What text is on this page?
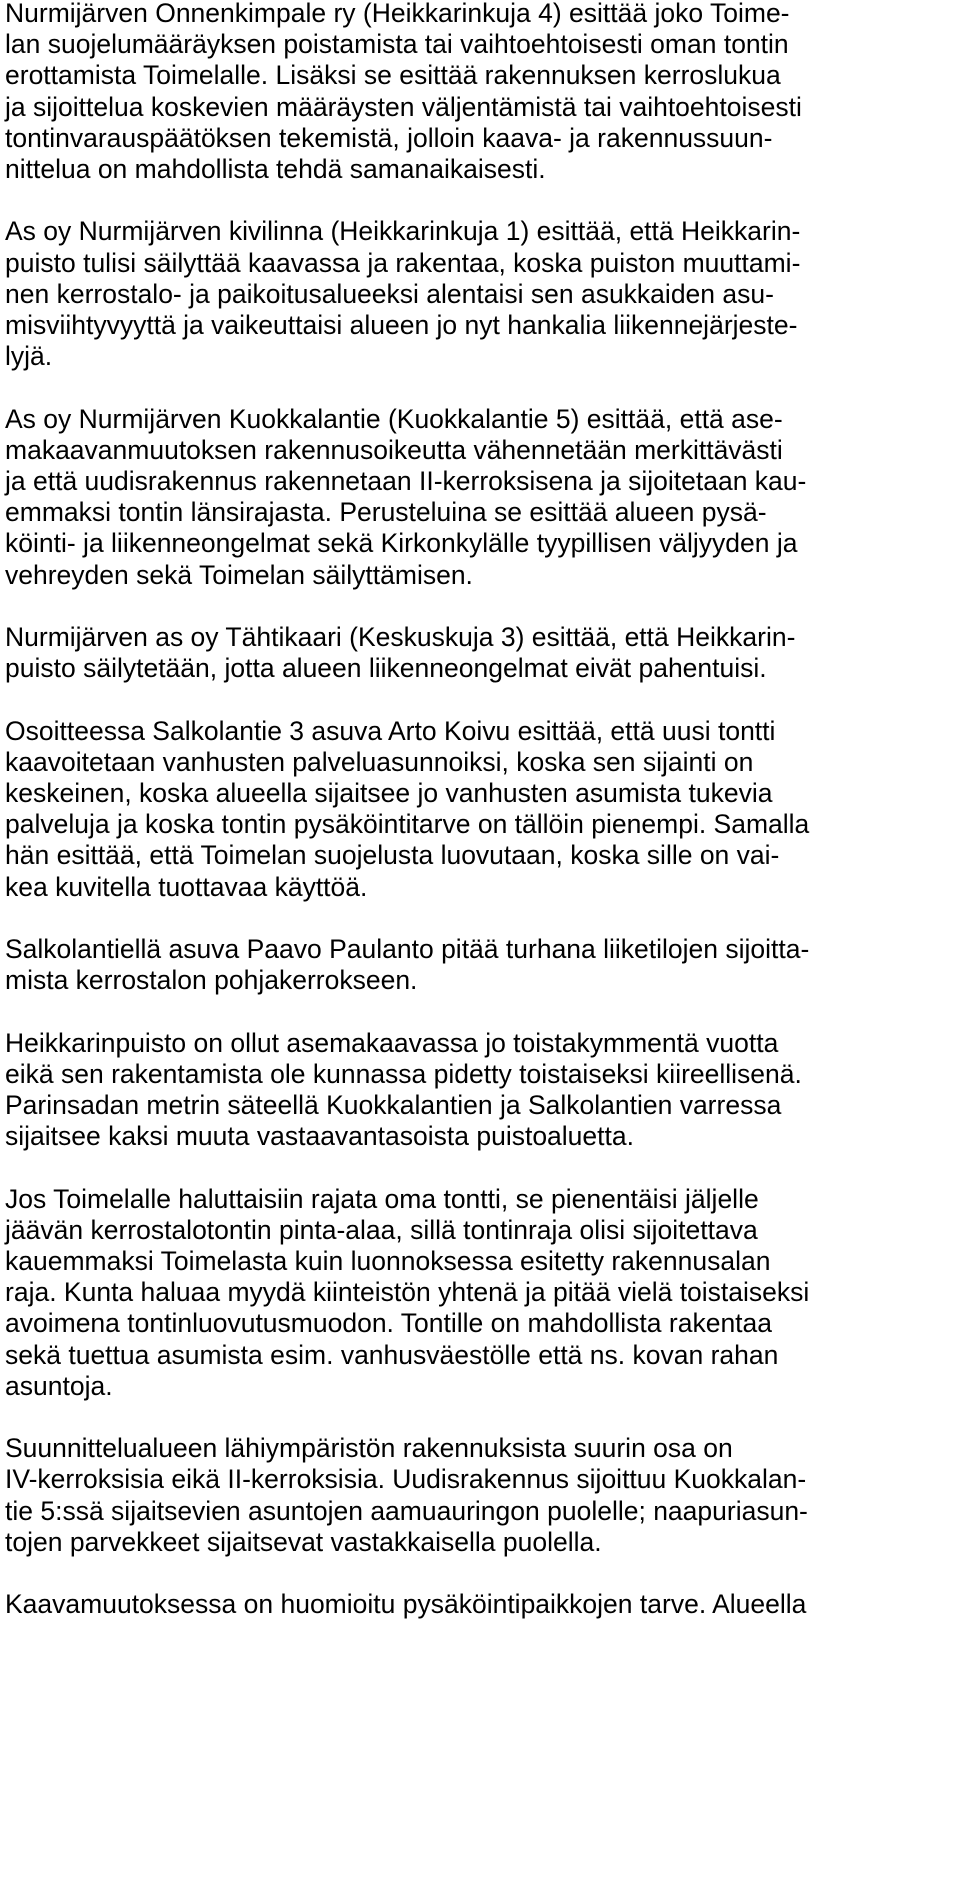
Nurmijärven Onnenkimpale ry (Heikkarinkuja 4) esittää joko Toime-
lan suojelumääräyksen poistamista tai vaihtoehtoisesti oman tontin
erottamista Toimelalle. Lisäksi se esittää rakennuksen kerroslukua
ja sijoittelua koskevien määräysten väljentämistä tai vaihtoehtoisesti
tontinvarauspäätöksen tekemistä, jolloin kaava- ja rakennussuun-
nittelua on mahdollista tehdä samanaikaisesti.
As oy Nurmijärven kivilinna (Heikkarinkuja 1) esittää, että Heikkarin-
puisto tulisi säilyttää kaavassa ja rakentaa, koska puiston muuttami-
nen kerrostalo- ja paikoitusalueeksi alentaisi sen asukkaiden asu-
misviihtyvyyttä ja vaikeuttaisi alueen jo nyt hankalia liikennejärjeste-
lyjä.
As oy Nurmijärven Kuokkalantie (Kuokkalantie 5) esittää, että ase-
makaavanmuutoksen rakennusoikeutta vähennetään merkittävästi
ja että uudisrakennus rakennetaan II-kerroksisena ja sijoitetaan kau-
emmaksi tontin länsirajasta. Perusteluina se esittää alueen pysä-
köinti- ja liikenneongelmat sekä Kirkonkylälle tyypillisen väljyyden ja
vehreyden sekä Toimelan säilyttämisen.
Nurmijärven as oy Tähtikaari (Keskuskuja 3) esittää, että Heikkarin-
puisto säilytetään, jotta alueen liikenneongelmat eivät pahentuisi.
Osoitteessa Salkolantie 3 asuva Arto Koivu esittää, että uusi tontti
kaavoitetaan vanhusten palveluasunnoiksi, koska sen sijainti on
keskeinen, koska alueella sijaitsee jo vanhusten asumista tukevia
palveluja ja koska tontin pysäköintitarve on tällöin pienempi. Samalla
hän esittää, että Toimelan suojelusta luovutaan, koska sille on vai-
kea kuvitella tuottavaa käyttöä.
Salkolantiellä asuva Paavo Paulanto pitää turhana liiketilojen sijoitta-
mista kerrostalon pohjakerrokseen.
Heikkarinpuisto on ollut asemakaavassa jo toistakymmentä vuotta
eikä sen rakentamista ole kunnassa pidetty toistaiseksi kiireellisenä.
Parinsadan metrin säteellä Kuokkalantien ja Salkolantien varressa
sijaitsee kaksi muuta vastaavantasoista puistoaluetta.
Jos Toimelalle haluttaisiin rajata oma tontti, se pienentäisi jäljelle
jäävän kerrostalotontin pinta-alaa, sillä tontinraja olisi sijoitettava
kauemmaksi Toimelasta kuin luonnoksessa esitetty rakennusalan
raja. Kunta haluaa myydä kiinteistön yhtenä ja pitää vielä toistaiseksi
avoimena tontinluovutusmuodon. Tontille on mahdollista rakentaa
sekä tuettua asumista esim. vanhusväestölle että ns. kovan rahan
asuntoja.
Suunnittelualueen lähiympäristön rakennuksista suurin osa on
IV-kerroksisia eikä II-kerroksisia. Uudisrakennus sijoittuu Kuokkalan-
tie 5:ssä sijaitsevien asuntojen aamuauringon puolelle; naapuriasun-
tojen parvekkeet sijaitsevat vastakkaisella puolella.
Kaavamuutoksessa on huomioitu pysäköintipaikkojen tarve. Alueella
